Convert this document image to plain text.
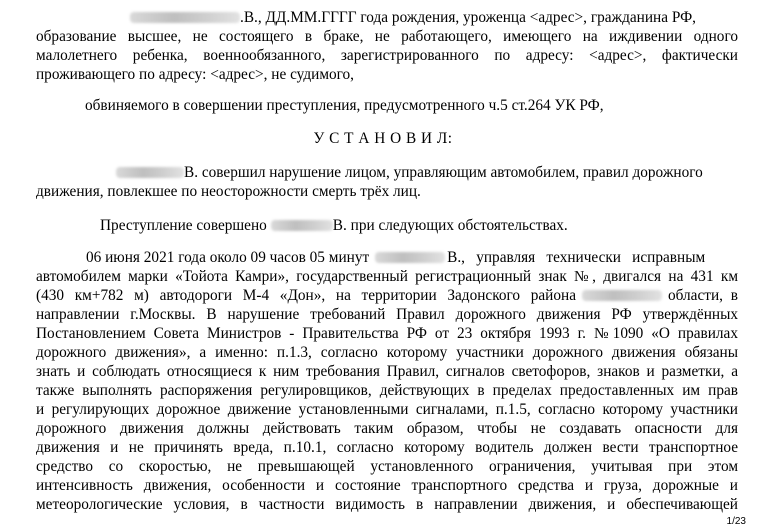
.В., ДД.ММ.ГГГГ года рождения, уроженца <адрес>, гражданина РФ,
образование высшее, не состоящего в браке, не работающего, имеющего на иждивении одного
малолетнего ребенка, военнообязанного, зарегистрированного по адресу: <адрес>, фактически
проживающего по адресу: <адрес>, не судимого,
обвиняемого в совершении преступления, предусмотренного ч.5 ст.264 УК РФ,
У С Т А Н О В И Л:
В. совершил нарушение лицом, управляющим автомобилем, правил дорожного
движения, повлекшее по неосторожности смерть трёх лиц.
Преступление совершено	В. при следующих обстоятельствах.
06 июня 2021 года около 09 часов 05 минут	В., управляя технически исправным
автомобилем марки «Тойота Камри», государственный регистрационный знак №, двигался на 431 км
(430 км+782 м) автодороги М-4 «Дон», на территории Задонского района	области, в
направлении г.Москвы. В нарушение требований Правил дорожного движения РФ утверждённых
Постановлением Совета Министров - Правительства РФ от 23 октября 1993 г. №1090 «О правилах
дорожного движения», а именно: п.1.3, согласно которому участники дорожного движения обязаны
знать и соблюдать относящиеся к ним требования Правил, сигналов светофоров, знаков и разметки, а
также выполнять распоряжения регулировщиков, действующих в пределах предоставленных им прав
и регулирующих дорожное движение установленными сигналами, п.1.5, согласно которому участники
дорожного движения должны действовать таким образом, чтобы не создавать опасности для
движения и не причинять вреда, п.10.1, согласно которому водитель должен вести транспортное
средство со скоростью, не превышающей установленного ограничения, учитывая при этом
интенсивность движения, особенности и состояние транспортного средства и груза, дорожные и
метеорологические условия, в частности видимость в направлении движения, и обеспечивающей
1/23
